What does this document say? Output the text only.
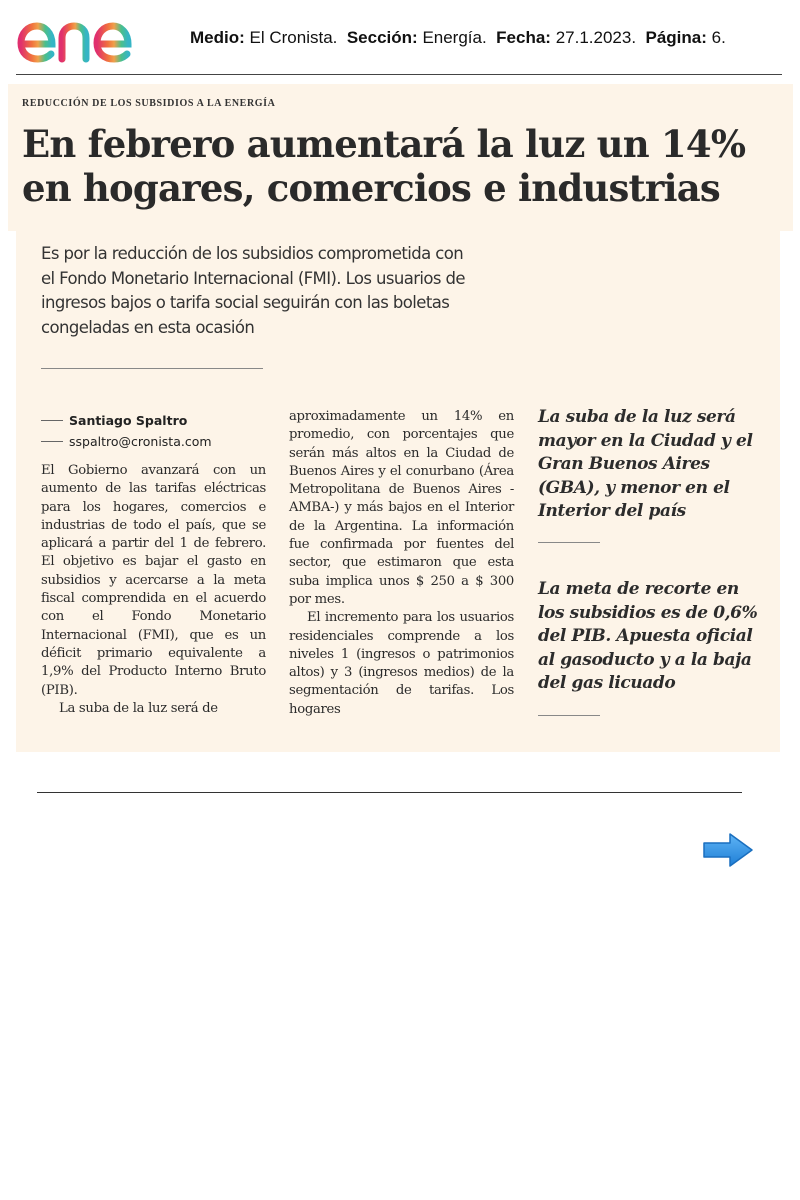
enel
Medio: El Cronista. Sección: Energía. Fecha: 27.1.2023. Página: 6.
REDUCCIÓN DE LOS SUBSIDIOS A LA ENERGÍA
En febrero aumentará la luz un 14% en hogares, comercios e industrias
Es por la reducción de los subsidios comprometida con el Fondo Monetario Internacional (FMI). Los usuarios de ingresos bajos o tarifa social seguirán con las boletas congeladas en esta ocasión
Santiago Spaltro
sspaltro@cronista.com

El Gobierno avanzará con un aumento de las tarifas eléctricas para los hogares, comercios e industrias de todo el país, que se aplicará a partir del 1 de febrero. El objetivo es bajar el gasto en subsidios y acercarse a la meta fiscal comprendida en el acuerdo con el Fondo Monetario Internacional (FMI), que es un déficit primario equivalente a 1,9% del Producto Interno Bruto (PIB).

La suba de la luz será de

aproximadamente un 14% en promedio, con porcentajes que serán más altos en la Ciudad de Buenos Aires y el conurbano (Área Metropolitana de Buenos Aires -AMBA-) y más bajos en el Interior de la Argentina. La información fue confirmada por fuentes del sector, que estimaron que esta suba implica unos $ 250 a $ 300 por mes.

El incremento para los usuarios residenciales comprende a los niveles 1 (ingresos o patrimonios altos) y 3 (ingresos medios) de la segmentación de tarifas. Los hogares

La suba de la luz será mayor en la Ciudad y el Gran Buenos Aires (GBA), y menor en el Interior del país
La meta de recorte en los subsidios es de 0,6% del PIB. Apuesta oficial al gasoducto y a la baja del gas licuado
